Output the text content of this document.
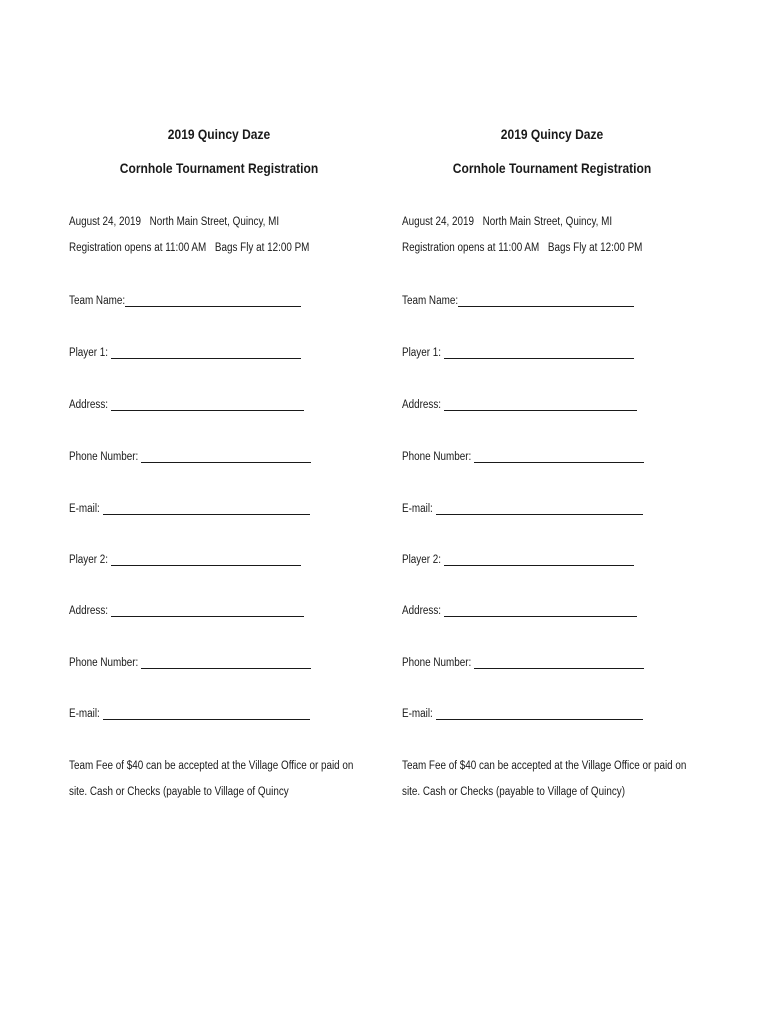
2019 Quincy Daze
Cornhole Tournament Registration
August 24, 2019 North Main Street, Quincy, MI
Registration opens at 11:00 AM Bags Fly at 12:00 PM
Team Name:
Player 1:
Address:
Phone Number:
E-mail:
Player 2:
Address:
Phone Number:
E-mail:
Team Fee of $40 can be accepted at the Village Office or paid on
site. Cash or Checks (payable to Village of Quincy
2019 Quincy Daze
Cornhole Tournament Registration
August 24, 2019 North Main Street, Quincy, MI
Registration opens at 11:00 AM Bags Fly at 12:00 PM
Team Name:
Player 1:
Address:
Phone Number:
E-mail:
Player 2:
Address:
Phone Number:
E-mail:
Team Fee of $40 can be accepted at the Village Office or paid on
site. Cash or Checks (payable to Village of Quincy)
